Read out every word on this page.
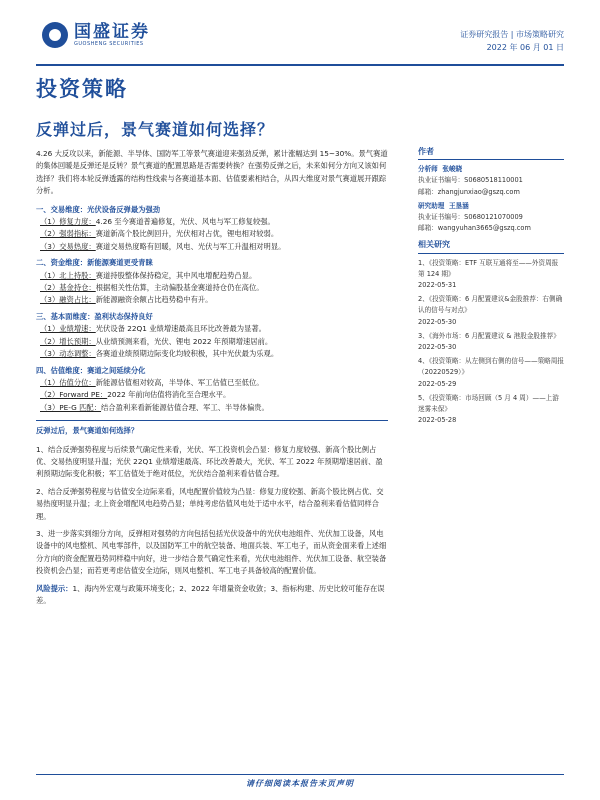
国盛证券
GUOSHENG SECURITIES
证券研究报告 | 市场策略研究
2022 年 06 月 01 日
投资策略
反弹过后，景气赛道如何选择？

4.26 大反攻以来，新能源、半导体、国防军工等景气赛道迎来强劲反弹，累计涨幅达到 15~30%。景气赛道的集体回暖是反弹还是反转？景气赛道的配置思路是否需要转换？在强势反弹之后，未来如何分方向又该如何选择？我们将本轮反弹透露的结构性线索与各赛道基本面、估值要素相结合，从四大维度对景气赛道展开跟踪分析。

一、交易维度：光伏设备反弹最为强劲

（1）修复力度：4.26 至今赛道普遍修复，光伏、风电与军工修复较强。

（2）强弱指标：赛道新高个股比例回升，光伏相对占优，锂电相对较弱。

（3）交易热度：赛道交易热度略有回暖，风电、光伏与军工升温相对明显。

二、资金维度：新能源赛道更受青睐

（1）北上持股：赛道持股整体保持稳定，其中风电增配趋势凸显。

（2）基金持仓：根据相关性估算，主动偏股基金赛道持仓仍在高位。

（3）融资占比：新能源融资余额占比趋势稳中有升。

三、基本面维度：盈利状态保持良好

（1）业绩增速：光伏设备 22Q1 业绩增速最高且环比改善最为显著。

（2）增长预期：从业绩预测来看，光伏、锂电 2022 年预期增速居前。

（3）动态调整：各赛道业绩预期边际变化均较积极，其中光伏最为乐观。

四、估值维度：赛道之间延续分化

（1）估值分位：新能源估值相对较高，半导体、军工估值已至低位。

（2）Forward PE：2022 年前向估值将消化至合理水平。

（3）PE-G 匹配：结合盈利来看新能源估值合理、军工、半导体偏贵。

反弹过后，景气赛道如何选择？

1、结合反弹强势程度与后续景气确定性来看，光伏、军工投资机会凸显：修复力度较强、新高个股比例占优、交易热度明显升温；光伏 22Q1 业绩增速最高、环比改善最大，光伏、军工 2022 年预期增速居前、盈利预期边际变化积极；军工估值处于绝对低位，光伏结合盈利来看估值合理。

2、结合反弹强势程度与估值安全边际来看，风电配置价值较为凸显：修复力度较强、新高个股比例占优、交易热度明显升温；北上资金增配风电趋势凸显；单纯考虑估值风电处于适中水平，结合盈利来看估值同样合理。

3、进一步落实到细分方向，反弹相对强势的方向包括包括光伏设备中的光伏电池组件、光伏加工设备，风电设备中的风电整机、风电零部件，以及国防军工中的航空装备、地面兵装、军工电子，而从资金面来看上述细分方向的资金配置趋势同样稳中向好，进一步结合景气确定性来看，光伏电池组件、光伏加工设备、航空装备投资机会凸显；而若更考虑估值安全边际，则风电整机、军工电子具备较高的配置价值。

风险提示：1、海内外宏观与政策环境变化；2、2022 年增量资金收敛；3、指标构建、历史比较可能存在误差。

作者

分析师 张峻晓

执业证书编号：S0680518110001

邮箱：zhangjunxiao@gszq.com

研究助理 王垦涵

执业证书编号：S0680121070009

邮箱：wangyuhan3665@gszq.com

相关研究

1、《投资策略：ETF 互联互通将至——外资周报第 124 期》

2022-05-31

2、《投资策略：6 月配置建议&金股推荐：右侧确认的信号与对点》

2022-05-30

3、《海外市场：6 月配置建议 & 港股金股推荐》

2022-05-30

4、《投资策略：从左侧到右侧的信号——策略周报（20220529）》

2022-05-29

5、《投资策略：市场回顾（5 月 4 周）——上游迷雾未保》

2022-05-28

请仔细阅读本报告末页声明
